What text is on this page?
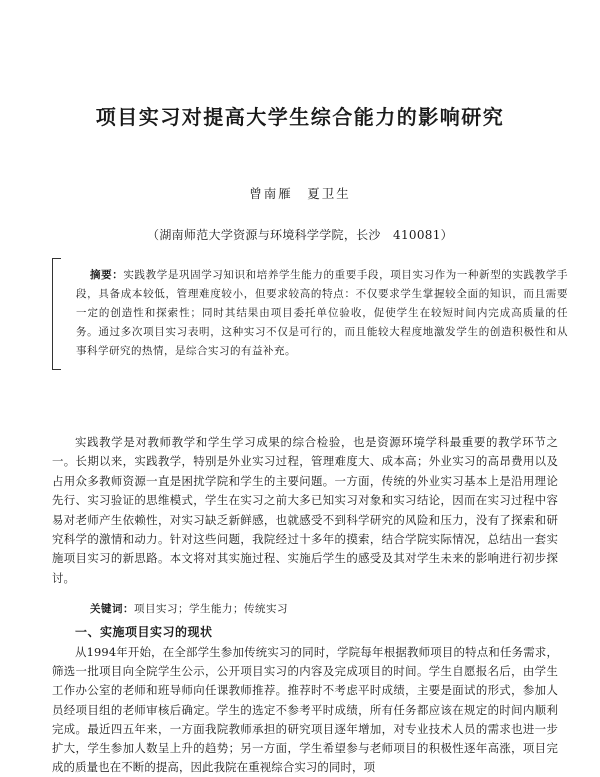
项目实习对提高大学生综合能力的影响研究

曾南雁　夏卫生

（湖南师范大学资源与环境科学学院，长沙　410081）

摘要：实践教学是巩固学习知识和培养学生能力的重要手段，项目实习作为一种新型的实践教学手段，具备成本较低，管理难度较小，但要求较高的特点：不仅要求学生掌握较全面的知识，而且需要一定的创造性和探索性；同时其结果由项目委托单位验收，促使学生在较短时间内完成高质量的任务。通过多次项目实习表明，这种实习不仅是可行的，而且能较大程度地激发学生的创造积极性和从事科学研究的热情，是综合实习的有益补充。

关键词：项目实习；学生能力；传统实习

实践教学是对教师教学和学生学习成果的综合检验，也是资源环境学科最重要的教学环节之一。长期以来，实践教学，特别是外业实习过程，管理难度大、成本高；外业实习的高昂费用以及占用众多教师资源一直是困扰学院和学生的主要问题。一方面，传统的外业实习基本上是沿用理论先行、实习验证的思维模式，学生在实习之前大多已知实习对象和实习结论，因而在实习过程中容易对老师产生依赖性，对实习缺乏新鲜感，也就感受不到科学研究的风险和压力，没有了探索和研究科学的激情和动力。针对这些问题，我院经过十多年的摸索，结合学院实际情况，总结出一套实施项目实习的新思路。本文将对其实施过程、实施后学生的感受及其对学生未来的影响进行初步探讨。

一、实施项目实习的现状

从1994年开始，在全部学生参加传统实习的同时，学院每年根据教师项目的特点和任务需求，筛选一批项目向全院学生公示，公开项目实习的内容及完成项目的时间。学生自愿报名后，由学生工作办公室的老师和班导师向任课教师推荐。推荐时不考虑平时成绩，主要是面试的形式，参加人员经项目组的老师审核后确定。学生的选定不参考平时成绩，所有任务都应该在规定的时间内顺利完成。最近四五年来，一方面我院教师承担的研究项目逐年增加，对专业技术人员的需求也进一步扩大，学生参加人数呈上升的趋势；另一方面，学生希望参与老师项目的积极性逐年高涨，项目完成的质量也在不断的提高，因此我院在重视综合实习的同时，项
